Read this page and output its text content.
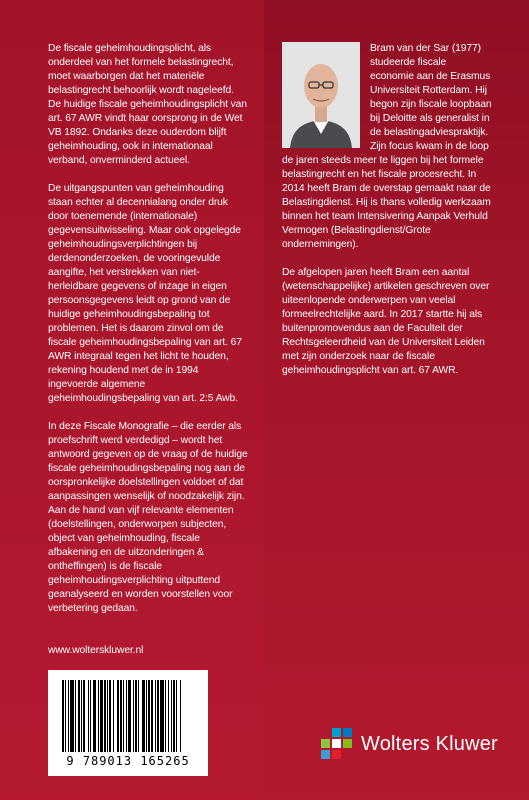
De fiscale geheimhoudingsplicht, als onderdeel van het formele belastingrecht, moet waarborgen dat het materiële belastingrecht behoorlijk wordt nageleefd. De huidige fiscale geheimhoudingsplicht van art. 67 AWR vindt haar oorsprong in de Wet VB 1892. Ondanks deze ouderdom blijft geheimhouding, ook in internationaal verband, onverminderd actueel.

De uitgangspunten van geheimhouding staan echter al decennialang onder druk door toenemende (internationale) gegevensuitwisseling. Maar ook opgelegde geheimhoudingsverplichtingen bij derdenonderzoeken, de vooringevulde aangifte, het verstrekken van niet-herleidbare gegevens of inzage in eigen persoonsgegevens leidt op grond van de huidige geheimhoudingsbepaling tot problemen. Het is daarom zinvol om de fiscale geheimhoudingsbepaling van art. 67 AWR integraal tegen het licht te houden, rekening houdend met de in 1994 ingevoerde algemene geheimhoudingsbepaling van art. 2:5 Awb.

In deze Fiscale Monografie – die eerder als proefschrift werd verdedigd – wordt het antwoord gegeven op de vraag of de huidige fiscale geheimhoudingsbepaling nog aan de oorspronkelijke doelstellingen voldoet of dat aanpassingen wenselijk of noodzakelijk zijn. Aan de hand van vijf relevante elementen (doelstellingen, onderworpen subjecten, object van geheimhouding, fiscale afbakening en de uitzonderingen & ontheffingen) is de fiscale geheimhoudingsverplichting uitputtend geanalyseerd en worden voorstellen voor verbetering gedaan.

Bram van der Sar (1977) studeerde fiscale economie aan de Erasmus Universiteit Rotterdam. Hij begon zijn fiscale loopbaan bij Deloitte als generalist in de belastingadviespraktijk. Zijn focus kwam in de loop de jaren steeds meer te liggen bij het formele belastingrecht en het fiscale procesrecht. In 2014 heeft Bram de overstap gemaakt naar de Belastingdienst. Hij is thans volledig werkzaam binnen het team Intensivering Aanpak Verhuld Vermogen (Belastingdienst/Grote ondernemingen).

De afgelopen jaren heeft Bram een aantal (wetenschappelijke) artikelen geschreven over uiteenlopende onderwerpen van veelal formeelrechtelijke aard. In 2017 startte hij als buitenpromovendus aan de Faculteit der Rechtsgeleerdheid van de Universiteit Leiden met zijn onderzoek naar de fiscale geheimhoudingsplicht van art. 67 AWR.

www.wolterskluwer.nl
9 789013 165265
Wolters Kluwer
